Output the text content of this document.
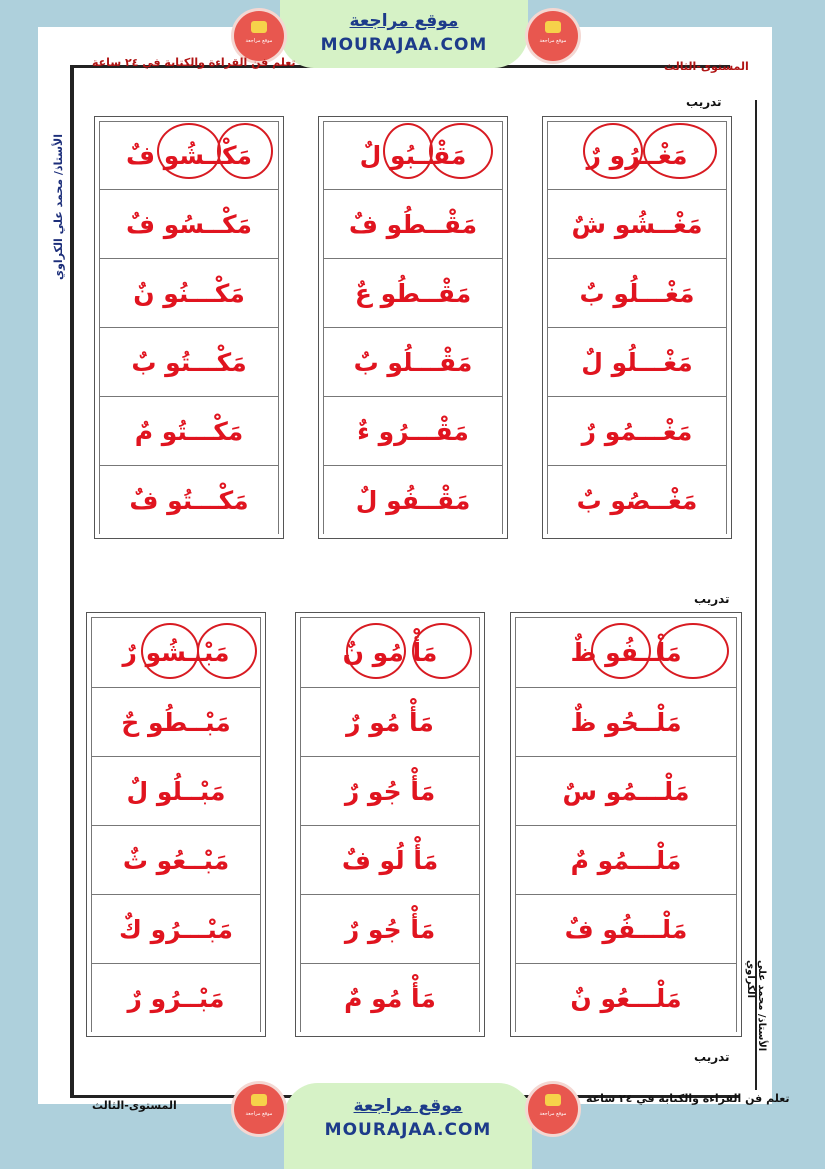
موقع مراجعة
MOURAJAA.COM
موقع مراجعة	موقع مراجعة
تعلم فن القراءة والكتابة في ٢٤ ساعة	المستوى-الثالث
الأستاذ/ محمد علي الكراوي
الأستاذ/ محمد علي الكراوي
تدريب
مَغْــرُو رٌ
مَغْــشُو شٌ
مَغْـــلُو بٌ
مَغْـــلُو لٌ
مَغْـــمُو رٌ
مَغْــصُو بٌ
مَقْــبُو لٌ
مَقْــطُو فٌ
مَقْــطُو عٌ
مَقْـــلُو بٌ
مَقْـــرُو ءٌ
مَقْــفُو لٌ
مَكْــشُو فٌ
مَكْــسُو فٌ
مَكْـــنُو نٌ
مَكْـــتُو بٌ
مَكْـــتُو مٌ
مَكْـــتُو فٌ
تدريب
مَلْــفُو ظٌ
مَلْــحُو ظٌ
مَلْـــمُو سٌ
مَلْـــمُو مٌ
مَلْـــفُو فٌ
مَلْـــعُو نٌ
مَأْ مُو نٌ
مَأْ مُو رٌ
مَأْ جُو رٌ
مَأْ لُو فٌ
مَأْ جُو رٌ
مَأْ مُو مٌ
مَبْــشُو رٌ
مَبْــطُو حٌ
مَبْــلُو لٌ
مَبْــعُو ثٌ
مَبْـــرُو كٌ
مَبْــرُو رٌ
تدريب
المستوى-الثالث
تعلم فن القراءة والكتابة في ٢٤ ساعة
موقع مراجعة
MOURAJAA.COM
موقع مراجعة	موقع مراجعة
